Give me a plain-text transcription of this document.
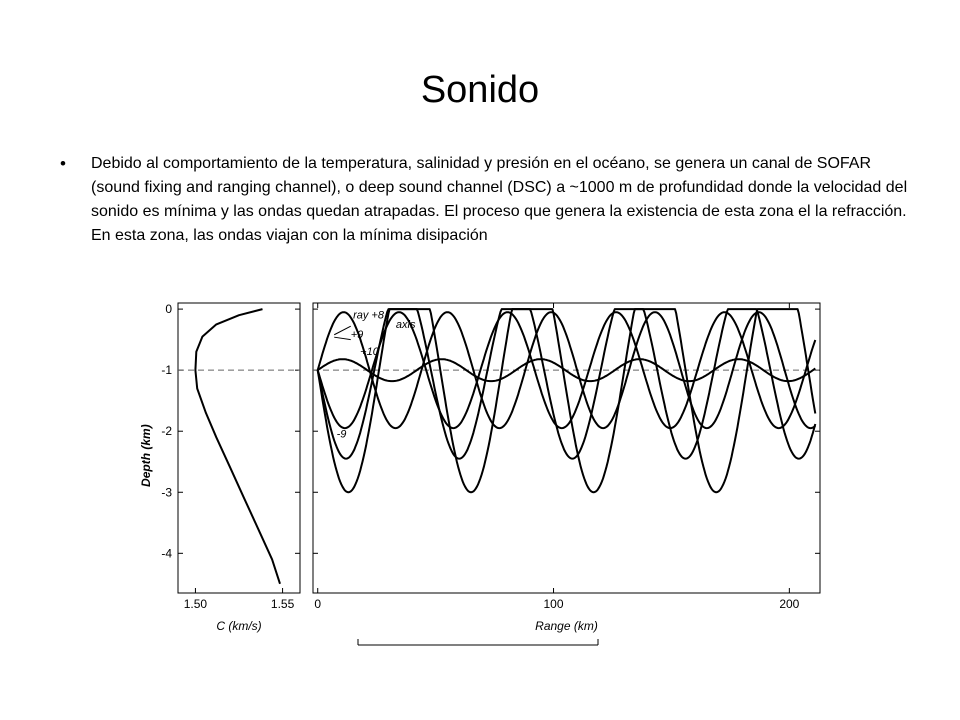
Sonido
•	Debido al comportamiento de la temperatura, salinidad y presión en el océano, se genera un canal de SOFAR (sound fixing and ranging channel), o deep sound channel (DSC) a ~1000 m de profundidad donde la velocidad del sonido es mínima y las ondas quedan atrapadas. El proceso que genera la existencia de esta zona el la refracción. En esta zona, las ondas viajan con la mínima disipación
0
-1
-2
-3
-4
1.50	1.55
C (km/s)
Depth (km)
0	100	200
Range (km)
axis
ray +8
+9
+10
-9
